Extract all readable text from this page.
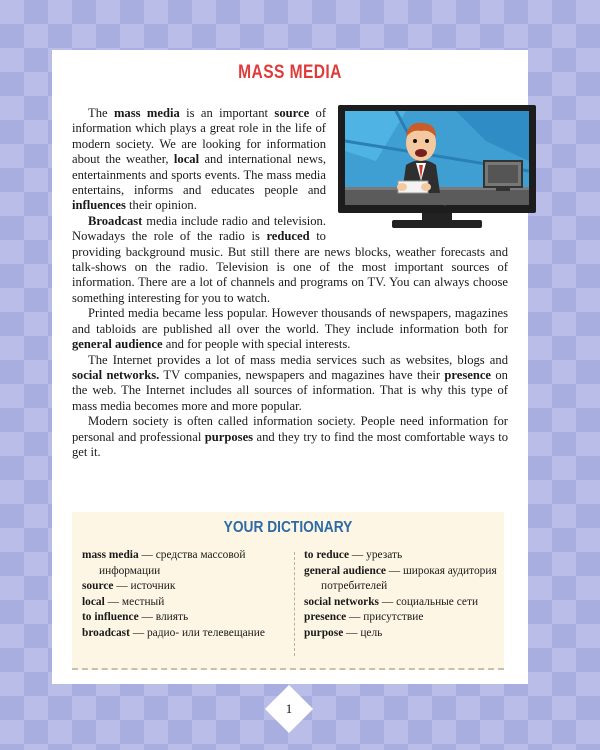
MASS MEDIA

The mass media is an important source of information which plays a great role in the life of modern society. We are looking for information about the weather, local and international news, entertainments and sports events. The mass media entertains, informs and educates people and influences their opinion.

Broadcast media include radio and television. Nowadays the role of the radio is reduced to providing background music. But still there are news blocks, weather forecasts and talk-shows on the radio. Television is one of the most important sources of information. There are a lot of channels and programs on TV. You can always choose something interesting for you to watch.

Printed media became less popular. However thousands of newspapers, magazines and tabloids are published all over the world. They include information both for general audience and for people with special interests.

The Internet provides a lot of mass media services such as websites, blogs and social networks. TV companies, newspapers and magazines have their presence on the web. The Internet includes all sources of information. That is why this type of mass media becomes more and more popular.

Modern society is often called information society. People need information for personal and professional purposes and they try to find the most comfortable ways to get it.

YOUR DICTIONARY

mass media — средства массовой информации

source — источник

local — местный

to influence — влиять

broadcast — радио- или телевещание

to reduce — урезать

general audience — широкая аудитория потребителей

social networks — социальные сети

presence — присутствие

purpose — цель

1
